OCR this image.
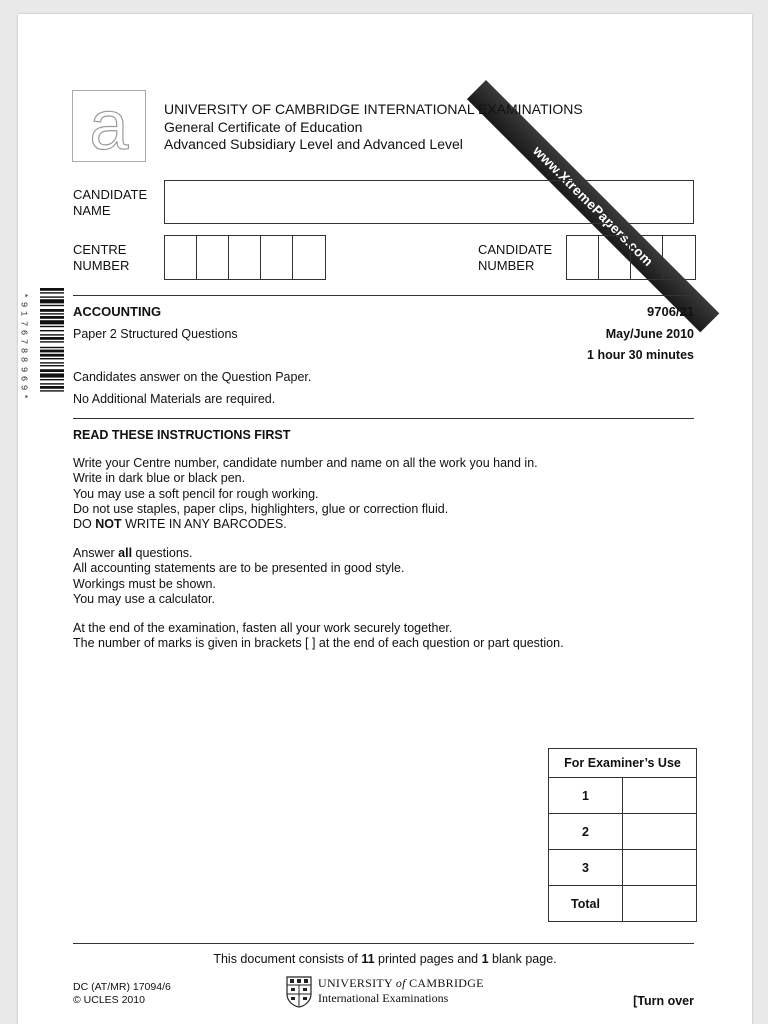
www.XtremePapers.com
*
9
1
7
6
7
8
8
9
6
9
*
a	UNIVERSITY OF CAMBRIDGE INTERNATIONAL EXAMINATIONS
General Certificate of Education
Advanced Subsidiary Level and Advanced Level
CANDIDATE
NAME
CENTRE
NUMBER
CANDIDATE
NUMBER
ACCOUNTING	9706/21
Paper 2 Structured Questions	May/June 2010
1 hour 30 minutes
Candidates answer on the Question Paper.
No Additional Materials are required.
READ THESE INSTRUCTIONS FIRST
Write your Centre number, candidate number and name on all the work you hand in.
Write in dark blue or black pen.
You may use a soft pencil for rough working.
Do not use staples, paper clips, highlighters, glue or correction fluid.
DO NOT WRITE IN ANY BARCODES.
Answer all questions.
All accounting statements are to be presented in good style.
Workings must be shown.
You may use a calculator.
At the end of the examination, fasten all your work securely together.
The number of marks is given in brackets [ ] at the end of each question or part question.
For Examiner’s Use	
1	
2	
3	
Total	
This document consists of 11 printed pages and 1 blank page.
DC (AT/MR) 17094/6
© UCLES 2010
UNIVERSITY of CAMBRIDGE
International Examinations	[Turn over
